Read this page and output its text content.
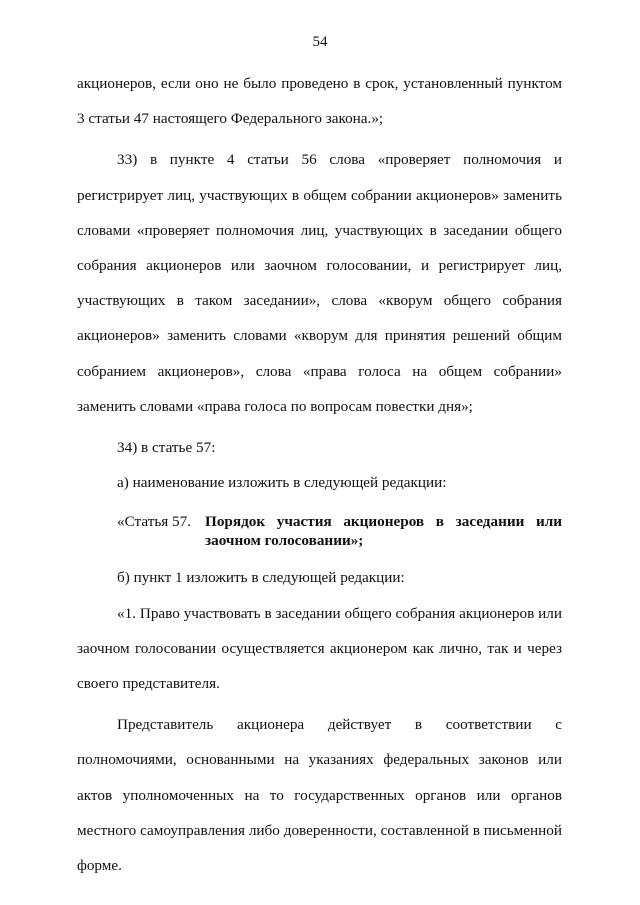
54

акционеров, если оно не было проведено в срок, установленный пунктом 3 статьи 47 настоящего Федерального закона.»;

33) в пункте 4 статьи 56 слова «проверяет полномочия и регистрирует лиц, участвующих в общем собрании акционеров» заменить словами «проверяет полномочия лиц, участвующих в заседании общего собрания акционеров или заочном голосовании, и регистрирует лиц, участвующих в таком заседании», слова «кворум общего собрания акционеров» заменить словами «кворум для принятия решений общим собранием акционеров», слова «права голоса на общем собрании» заменить словами «права голоса по вопросам повестки дня»;

34) в статье 57:

а) наименование изложить в следующей редакции:

«Статья 57. Порядок участия акционеров в заседании или заочном голосовании»;

б) пункт 1 изложить в следующей редакции:

«1. Право участвовать в заседании общего собрания акционеров или заочном голосовании осуществляется акционером как лично, так и через своего представителя.

Представитель акционера действует в соответствии с полномочиями, основанными на указаниях федеральных законов или актов уполномоченных на то государственных органов или органов местного самоуправления либо доверенности, составленной в письменной форме.
